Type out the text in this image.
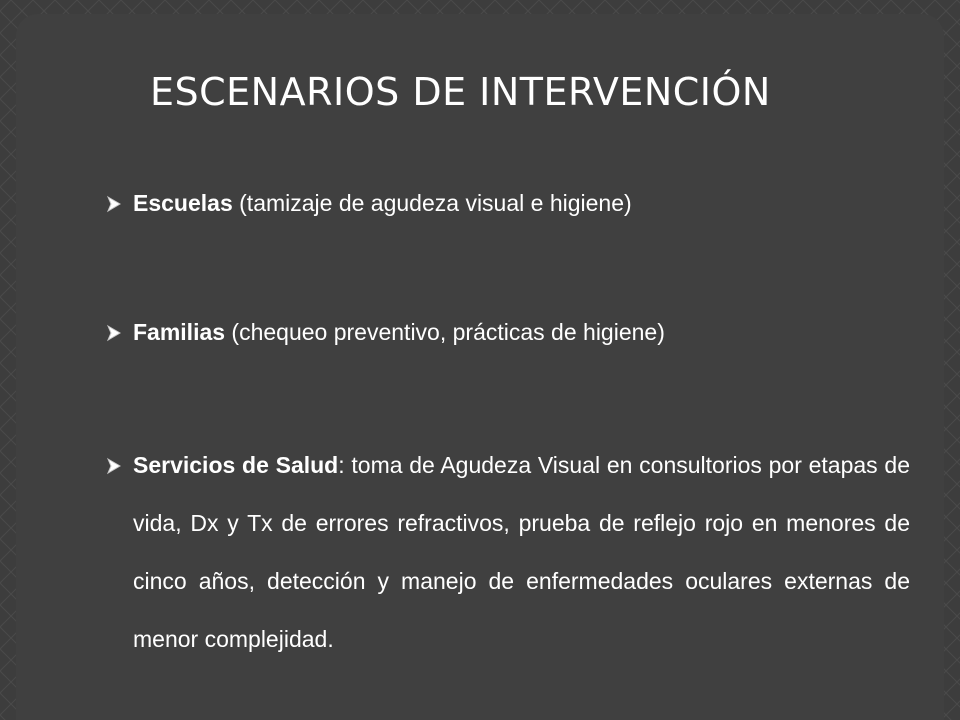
ESCENARIOS DE INTERVENCIÓN
Escuelas (tamizaje de agudeza visual e higiene)
Familias (chequeo preventivo, prácticas de higiene)
Servicios de Salud: toma de Agudeza Visual en consultorios por etapas de vida, Dx y Tx de errores refractivos, prueba de reflejo rojo en menores de cinco años, detección y manejo de enfermedades oculares externas de menor complejidad.
